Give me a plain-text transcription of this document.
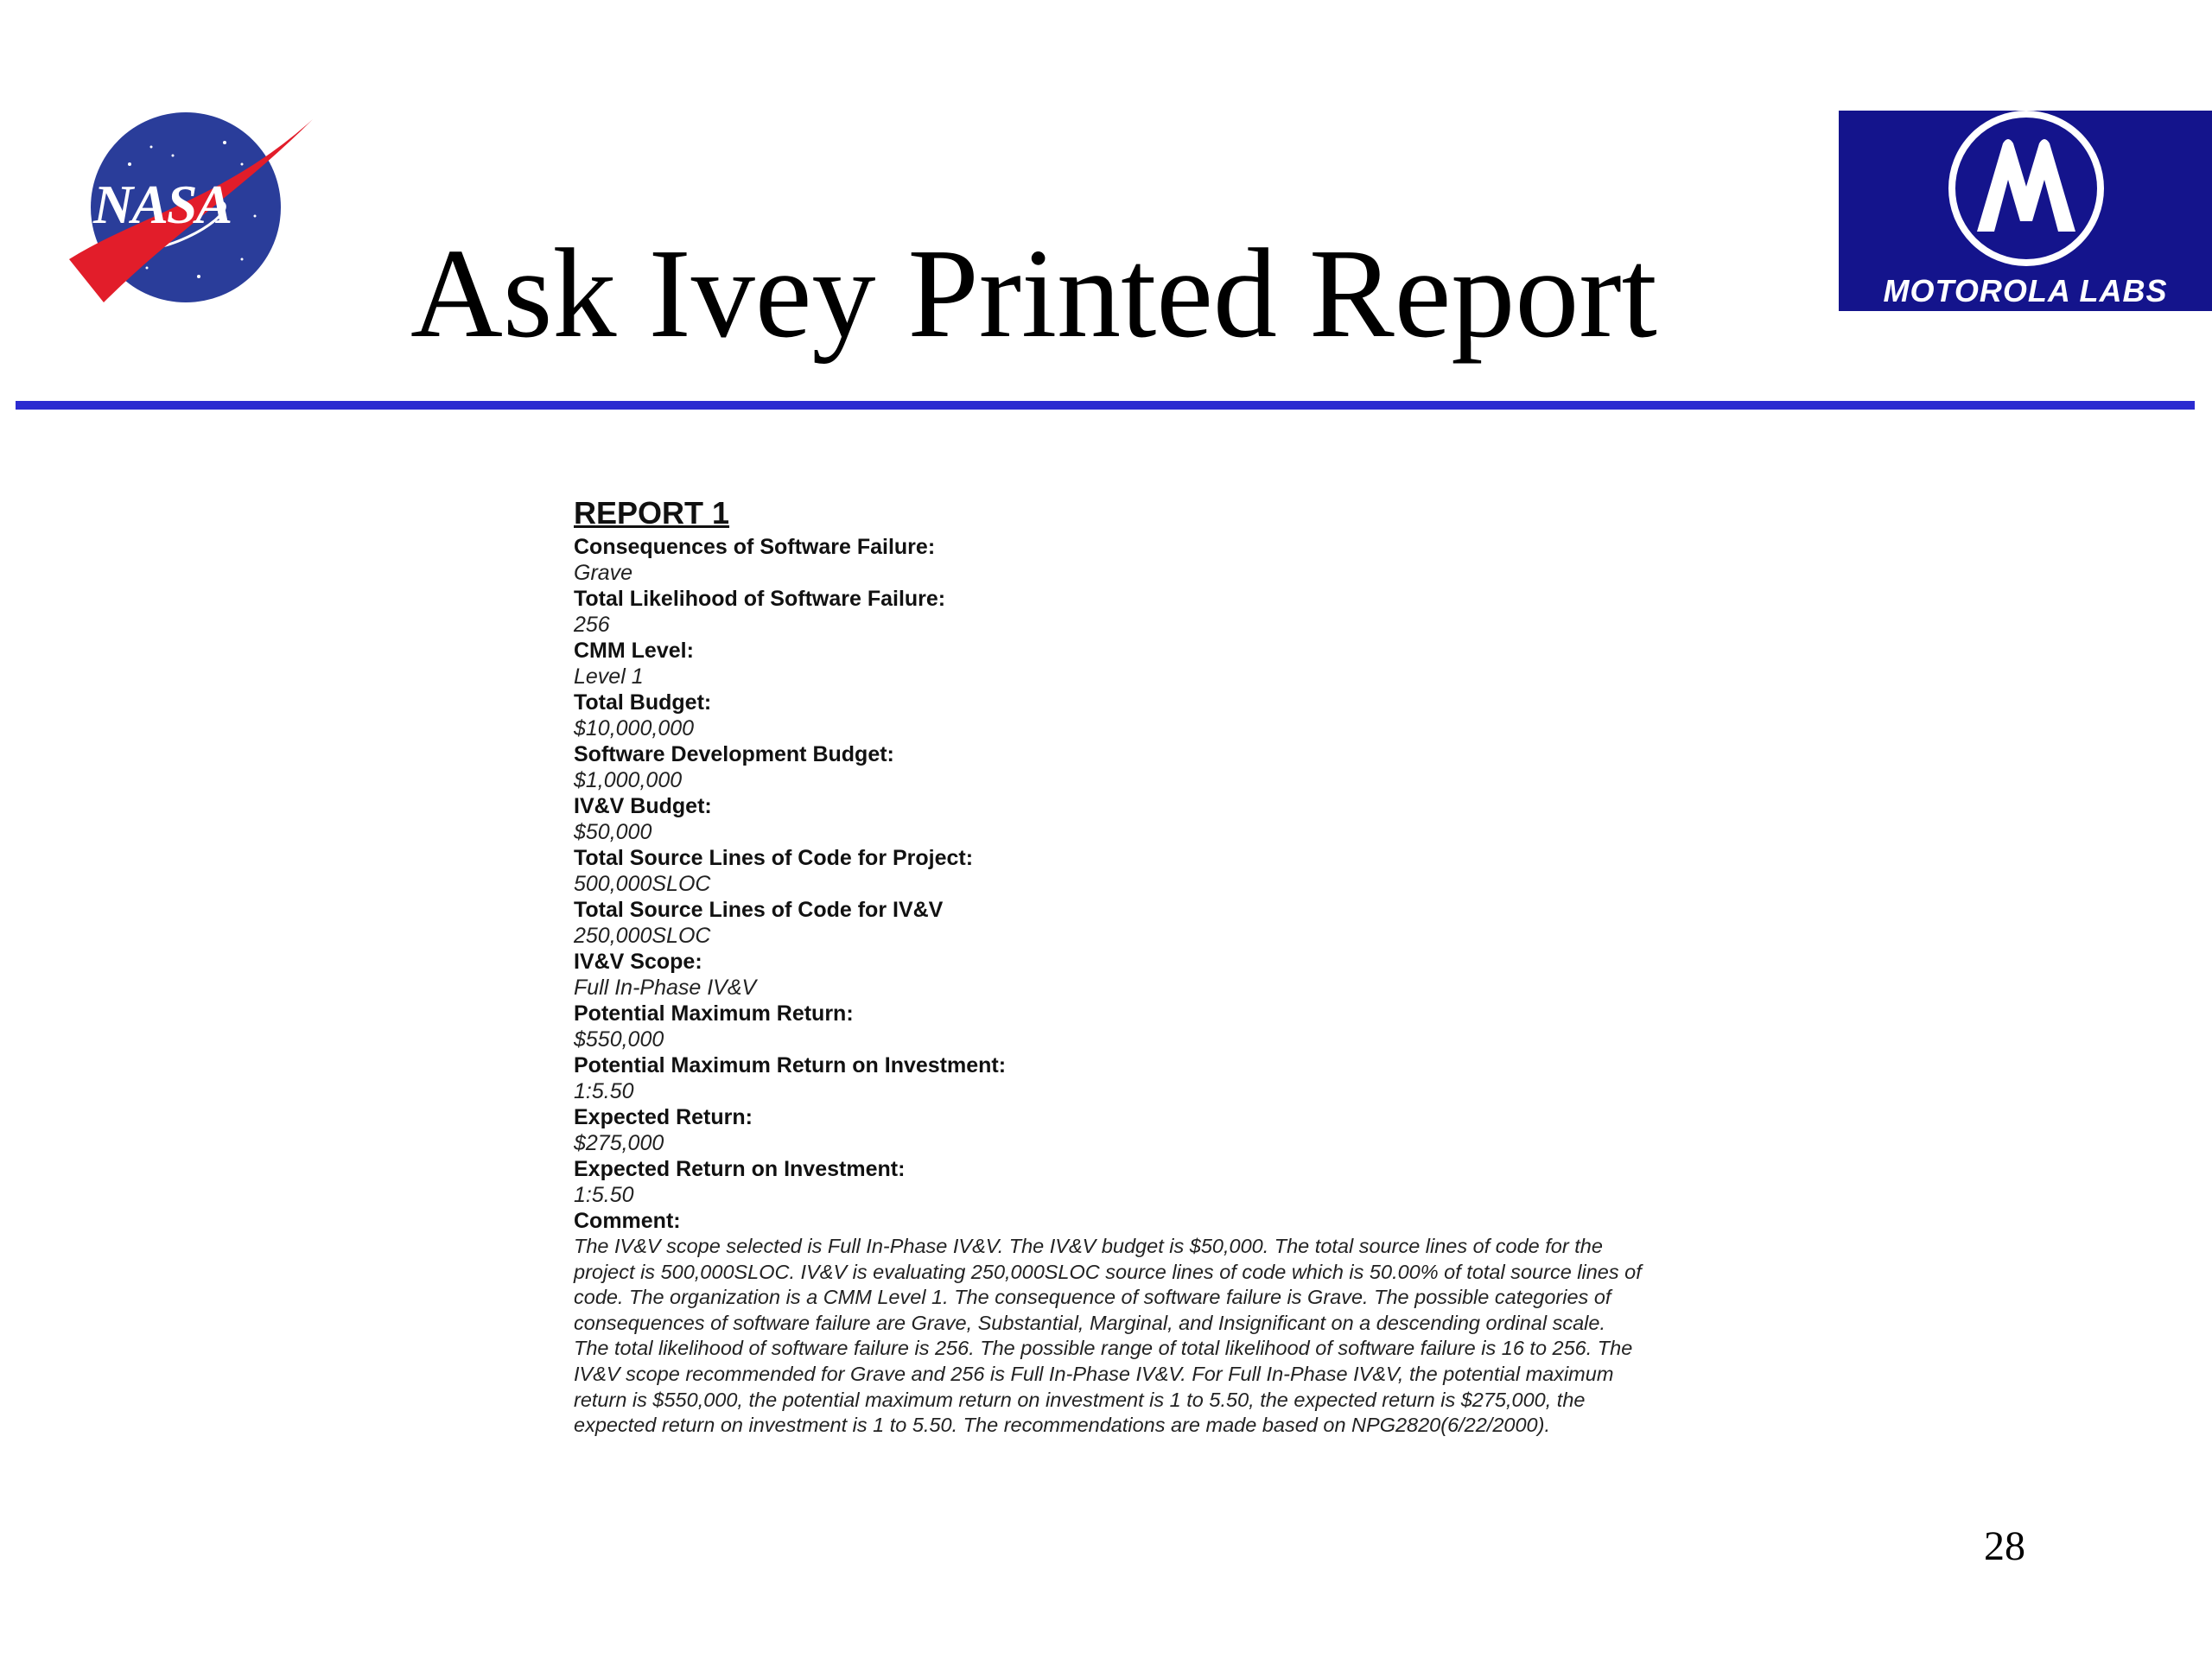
NASA
Ask Ivey Printed Report	MOTOROLA LABS
REPORT 1
Consequences of Software Failure:
Grave
Total Likelihood of Software Failure:
256
CMM Level:
Level 1
Total Budget:
$10,000,000
Software Development Budget:
$1,000,000
IV&V Budget:
$50,000
Total Source Lines of Code for Project:
500,000SLOC
Total Source Lines of Code for IV&V
250,000SLOC
IV&V Scope:
Full In-Phase IV&V
Potential Maximum Return:
$550,000
Potential Maximum Return on Investment:
1:5.50
Expected Return:
$275,000
Expected Return on Investment:
1:5.50
Comment:

The IV&V scope selected is Full In-Phase IV&V. The IV&V budget is $50,000. The total source lines of code for the project is 500,000SLOC. IV&V is evaluating 250,000SLOC source lines of code which is 50.00% of total source lines of code. The organization is a CMM Level 1. The consequence of software failure is Grave. The possible categories of consequences of software failure are Grave, Substantial, Marginal, and Insignificant on a descending ordinal scale. The total likelihood of software failure is 256. The possible range of total likelihood of software failure is 16 to 256. The IV&V scope recommended for Grave and 256 is Full In-Phase IV&V. For Full In-Phase IV&V, the potential maximum return is $550,000, the potential maximum return on investment is 1 to 5.50, the expected return is $275,000, the expected return on investment is 1 to 5.50. The recommendations are made based on NPG2820(6/22/2000).

28
